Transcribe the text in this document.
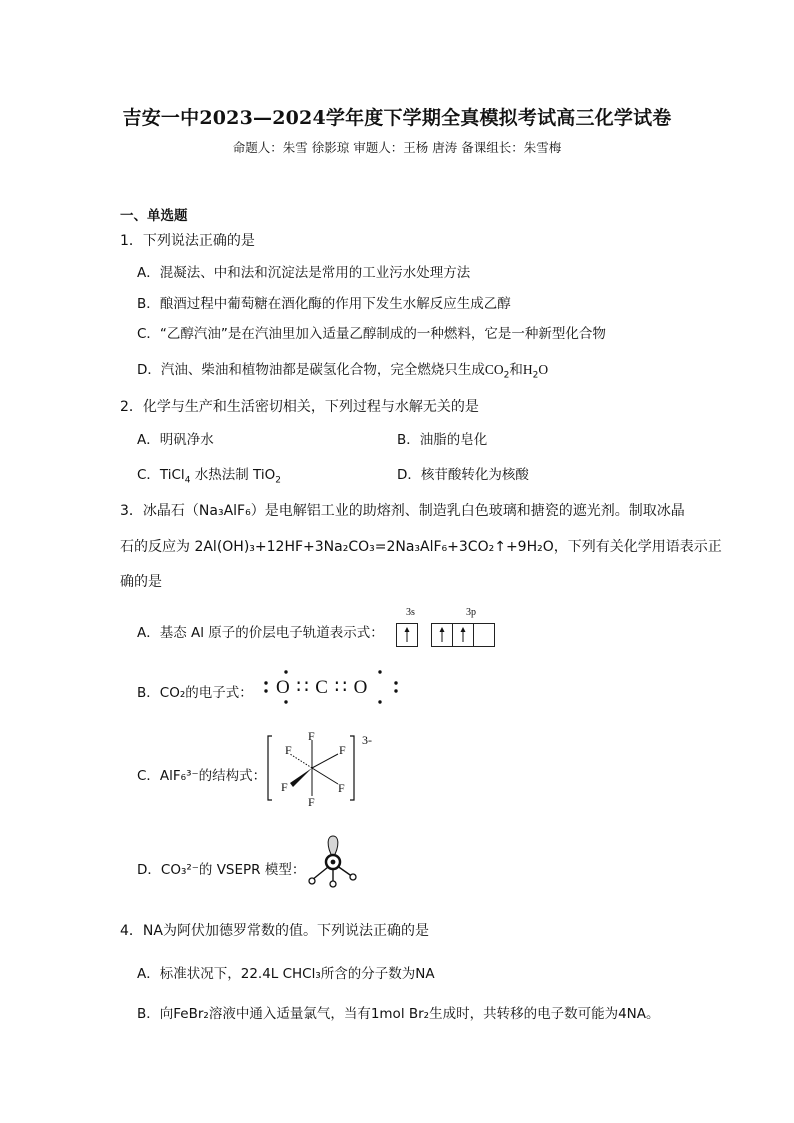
吉安一中2023—2024学年度下学期全真模拟考试高三化学试卷
命题人：朱雪 徐影琼 审题人：王杨 唐涛 备课组长：朱雪梅
一、单选题
1．下列说法正确的是
A．混凝法、中和法和沉淀法是常用的工业污水处理方法
B．酿酒过程中葡萄糖在酒化酶的作用下发生水解反应生成乙醇
C．“乙醇汽油”是在汽油里加入适量乙醇制成的一种燃料，它是一种新型化合物
D．汽油、柴油和植物油都是碳氢化合物，完全燃烧只生成$CO_2$和$H_2O$
2．化学与生产和生活密切相关，下列过程与水解无关的是
A．明矾净水	B．油脂的皂化
C．TiCl$_4$ 水热法制 TiO$_2$	D．核苷酸转化为核酸
3．冰晶石（Na₃AlF₆）是电解铝工业的助熔剂、制造乳白色玻璃和搪瓷的遮光剂。制取冰晶
石的反应为 2Al(OH)₃+12HF+3Na₂CO₃=2Na₃AlF₆+3CO₂↑+9H₂O，下列有关化学用语表示正
确的是
A．基态 Al 原子的价层电子轨道表示式：
3s	3p
B．CO₂的电子式：	O ∷ C ∷ O
C．AlF₆³⁻的结构式：
F
F	F
F	F
F
3-
D．CO₃²⁻的 VSEPR 模型：
4．NA为阿伏加德罗常数的值。下列说法正确的是
A．标准状况下，22.4L CHCl₃所含的分子数为NA
B．向FeBr₂溶液中通入适量氯气，当有1mol Br₂生成时，共转移的电子数可能为4NA。
